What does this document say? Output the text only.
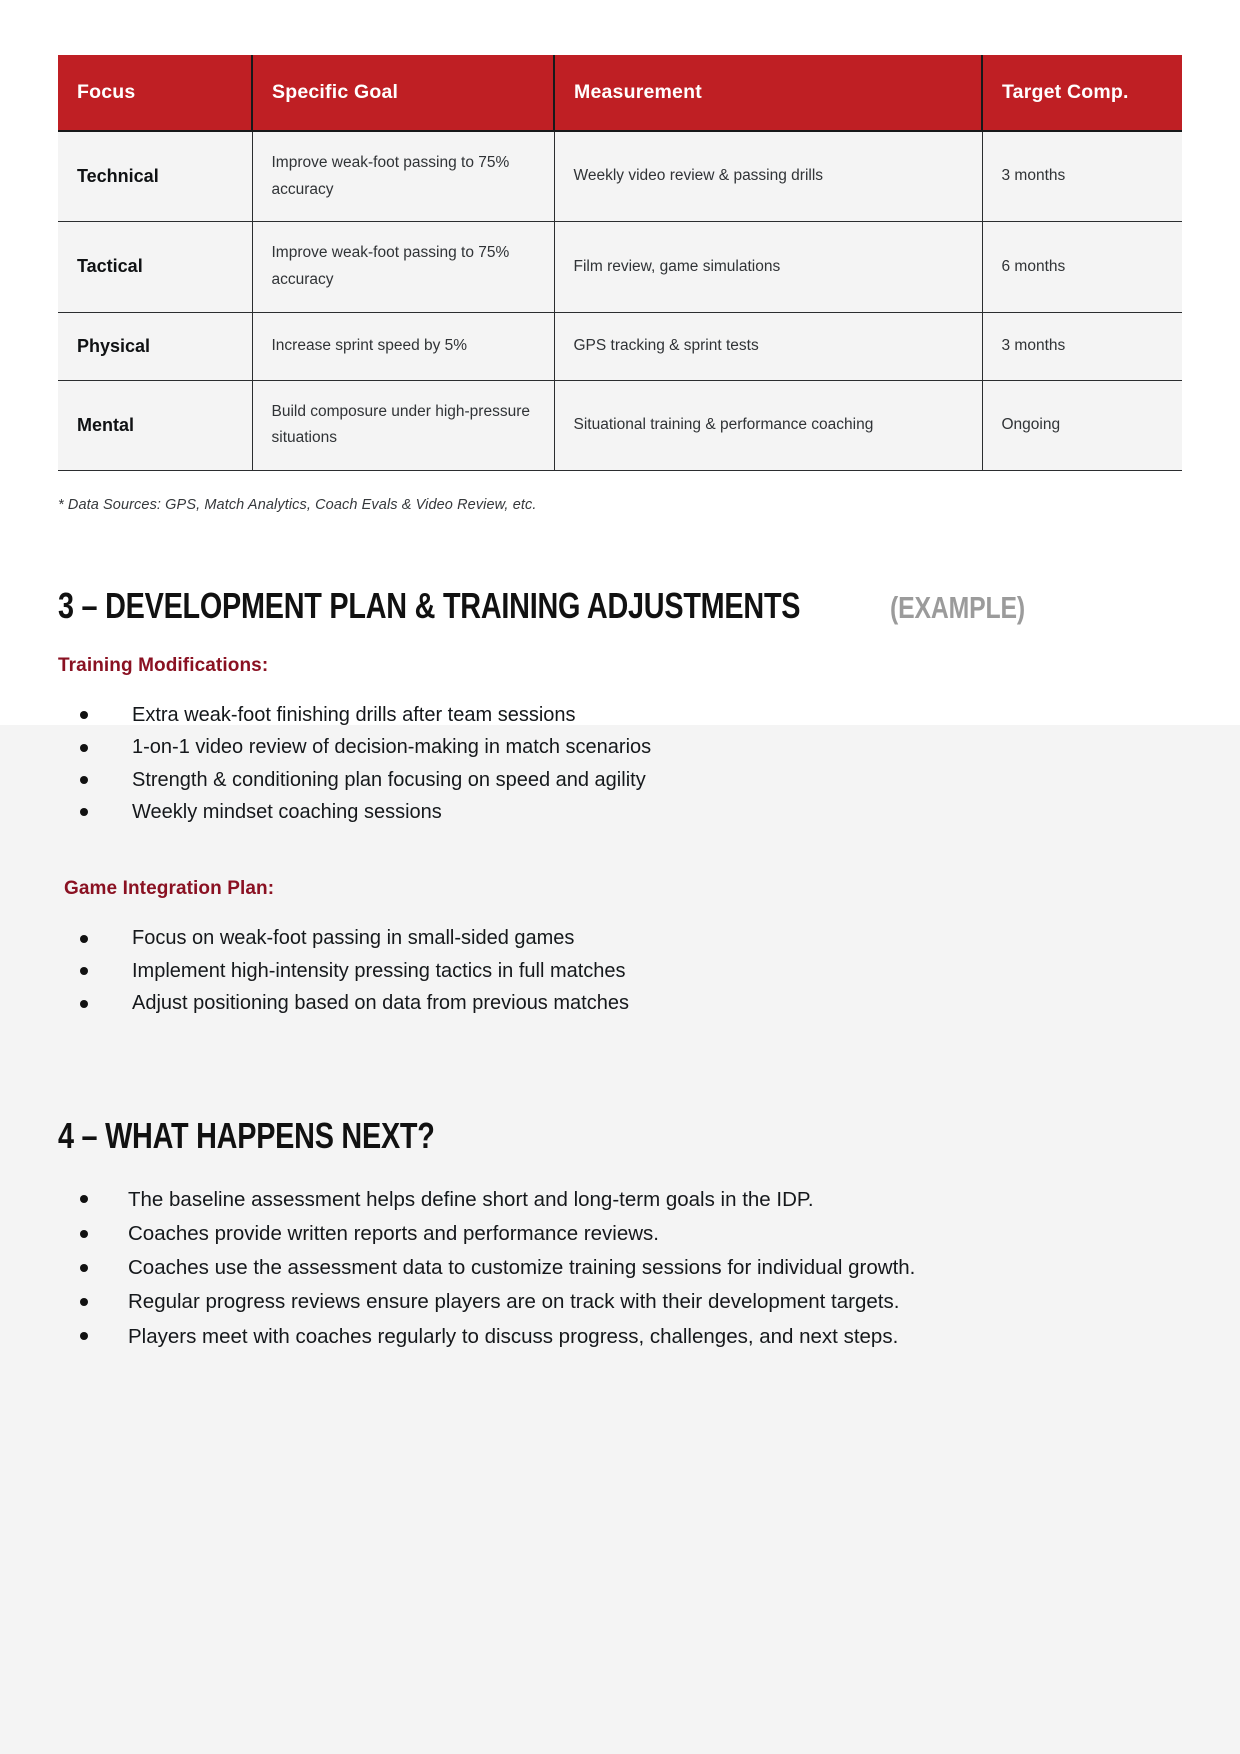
Focus	Specific Goal	Measurement	Target Comp.
Technical	Improve weak-foot passing to 75% accuracy	Weekly video review & passing drills	3 months
Tactical	Improve weak-foot passing to 75% accuracy	Film review, game simulations	6 months
Physical	Increase sprint speed by 5%	GPS tracking & sprint tests	3 months
Mental	Build composure under high-pressure situations	Situational training & performance coaching	Ongoing
* Data Sources: GPS, Match Analytics, Coach Evals & Video Review, etc.
3 – DEVELOPMENT PLAN & TRAINING ADJUSTMENTS	(EXAMPLE)
Training Modifications:
Extra weak-foot finishing drills after team sessions
1-on-1 video review of decision-making in match scenarios
Strength & conditioning plan focusing on speed and agility
Weekly mindset coaching sessions
Game Integration Plan:
Focus on weak-foot passing in small-sided games
Implement high-intensity pressing tactics in full matches
Adjust positioning based on data from previous matches
4 – WHAT HAPPENS NEXT?
The baseline assessment helps define short and long-term goals in the IDP.
Coaches provide written reports and performance reviews.
Coaches use the assessment data to customize training sessions for individual growth.
Regular progress reviews ensure players are on track with their development targets.
Players meet with coaches regularly to discuss progress, challenges, and next steps.
